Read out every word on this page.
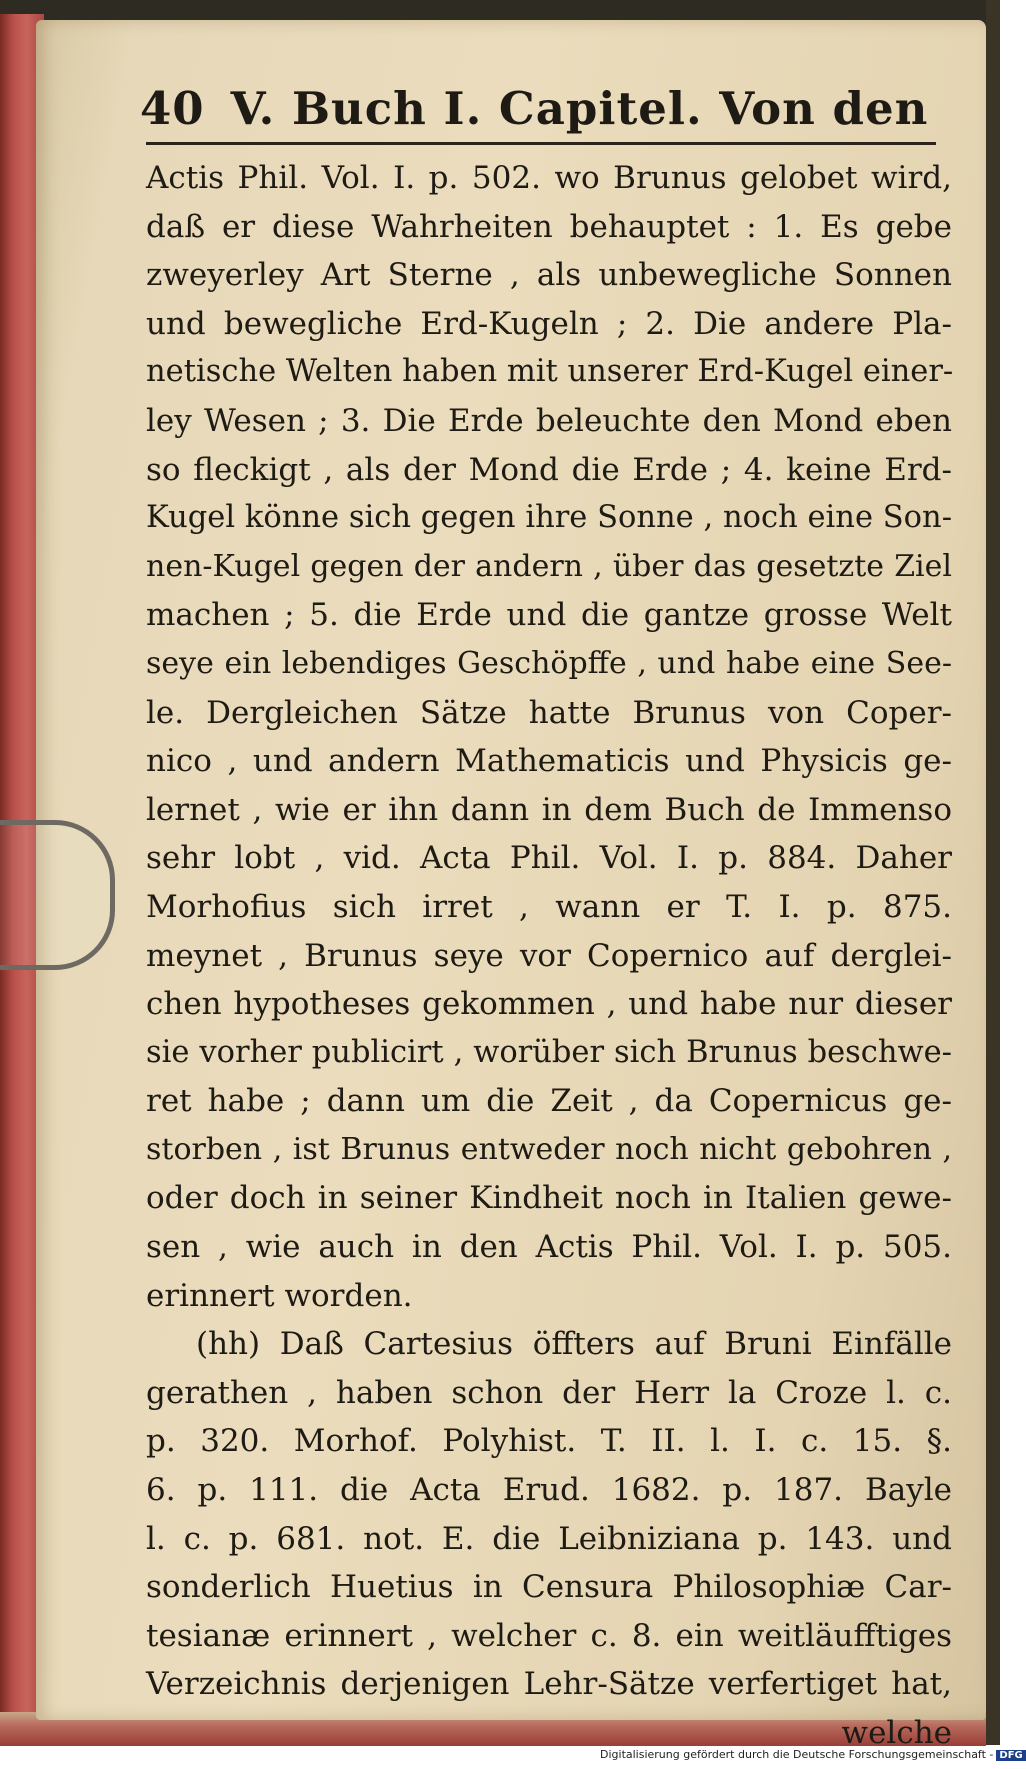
40 V. Buch I. Capitel. Von den
Actis Phil. Vol. I. p. 502. wo Brunus gelobet wird,
daß er diese Wahrheiten behauptet : 1. Es gebe
zweyerley Art Sterne , als unbewegliche Sonnen
und bewegliche Erd-Kugeln ; 2. Die andere Pla-
netische Welten haben mit unserer Erd-Kugel einer-
ley Wesen ; 3. Die Erde beleuchte den Mond eben
so fleckigt , als der Mond die Erde ; 4. keine Erd-
Kugel könne sich gegen ihre Sonne , noch eine Son-
nen-Kugel gegen der andern , über das gesetzte Ziel
machen ; 5. die Erde und die gantze grosse Welt
seye ein lebendiges Geschöpffe , und habe eine See-
le. Dergleichen Sätze hatte Brunus von Coper-
nico , und andern Mathematicis und Physicis ge-
lernet , wie er ihn dann in dem Buch de Immenso
sehr lobt , vid. Acta Phil. Vol. I. p. 884. Daher
Morhofius sich irret , wann er T. I. p. 875.
meynet , Brunus seye vor Copernico auf derglei-
chen hypotheses gekommen , und habe nur dieser
sie vorher publicirt , worüber sich Brunus beschwe-
ret habe ; dann um die Zeit , da Copernicus ge-
storben , ist Brunus entweder noch nicht gebohren ,
oder doch in seiner Kindheit noch in Italien gewe-
sen , wie auch in den Actis Phil. Vol. I. p. 505.
erinnert worden.
(hh) Daß Cartesius öffters auf Bruni Einfälle
gerathen , haben schon der Herr la Croze l. c.
p. 320. Morhof. Polyhist. T. II. l. I. c. 15. §.
6. p. 111. die Acta Erud. 1682. p. 187. Bayle
l. c. p. 681. not. E. die Leibniziana p. 143. und
sonderlich Huetius in Censura Philosophiæ Car-
tesianæ erinnert , welcher c. 8. ein weitläufftiges
Verzeichnis derjenigen Lehr-Sätze verfertiget hat,
welche
Digitalisierung gefördert durch die Deutsche Forschungsgemeinschaft - DFG
